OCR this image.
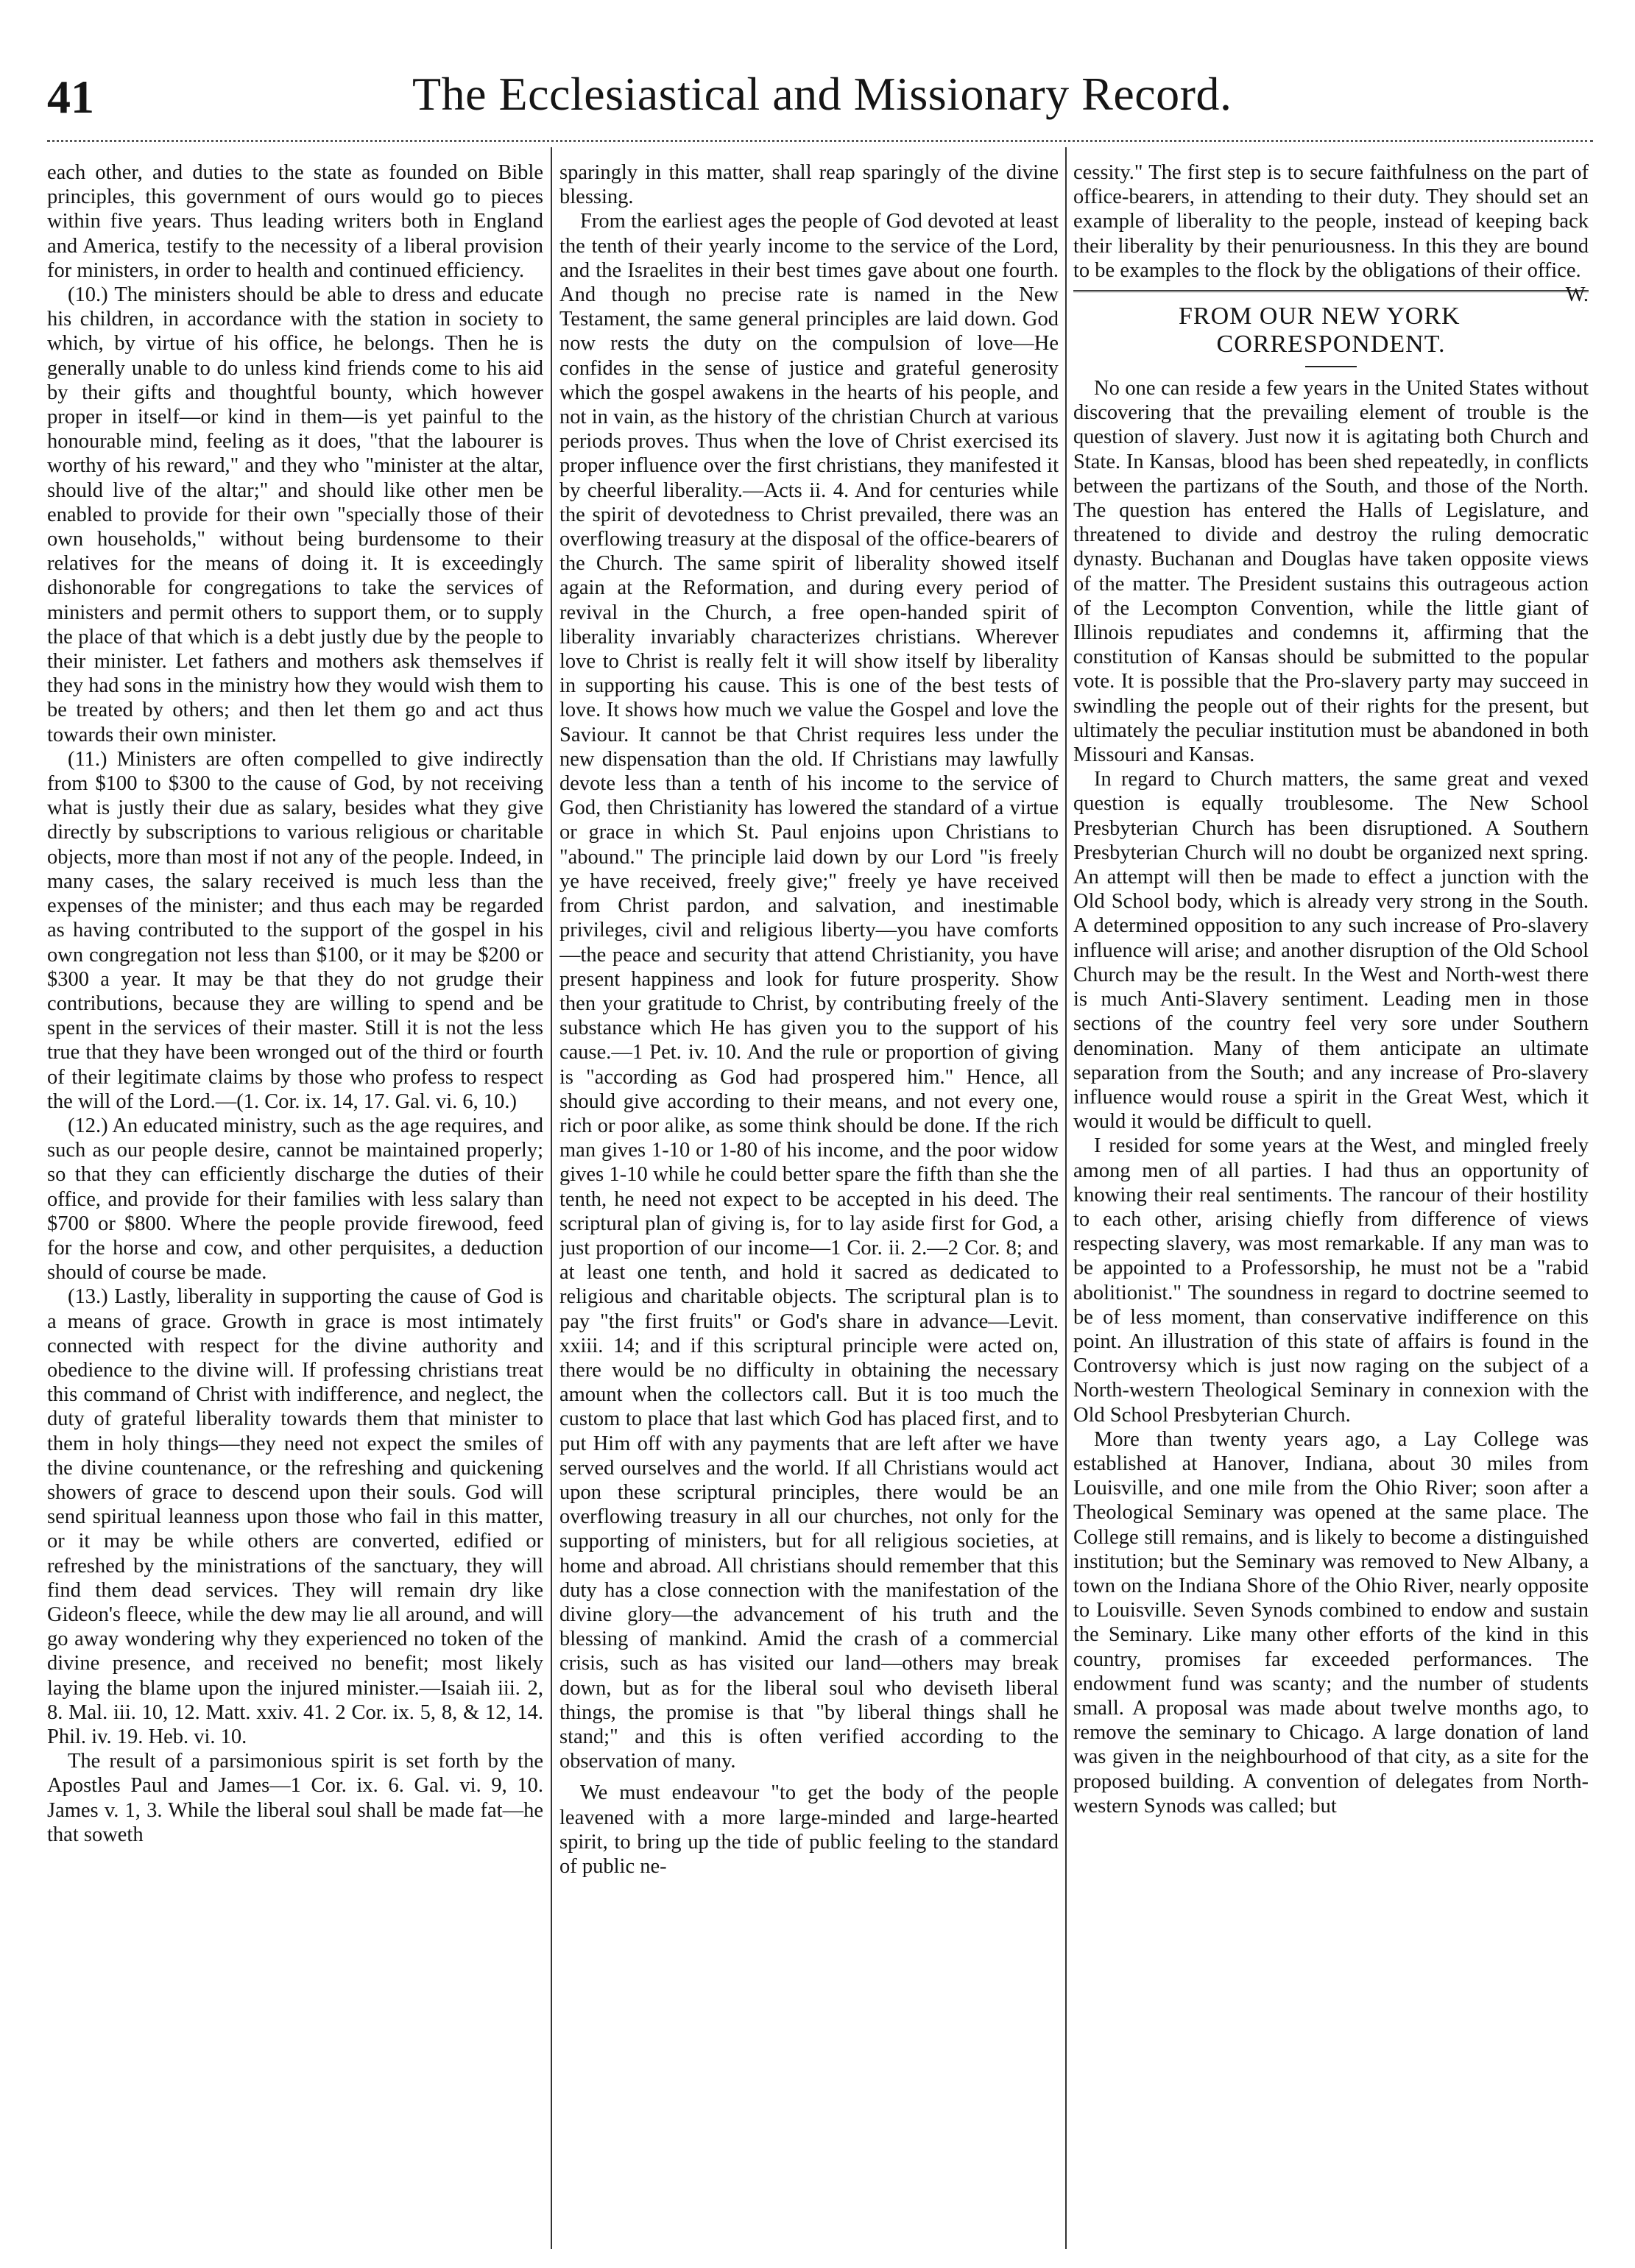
41	The Ecclesiastical and Missionary Record.

each other, and duties to the state as founded on Bible principles, this government of ours would go to pieces within five years. Thus leading writers both in England and America, testify to the necessity of a liberal provision for ministers, in order to health and continued efficiency.

(10.) The ministers should be able to dress and educate his children, in accordance with the station in society to which, by virtue of his office, he belongs. Then he is generally unable to do unless kind friends come to his aid by their gifts and thoughtful bounty, which however proper in itself—or kind in them—is yet painful to the honourable mind, feeling as it does, "that the labourer is worthy of his reward," and they who "minister at the altar, should live of the altar;" and should like other men be enabled to provide for their own "specially those of their own households," without being burdensome to their relatives for the means of doing it. It is exceedingly dishonorable for congregations to take the services of ministers and permit others to support them, or to supply the place of that which is a debt justly due by the people to their minister. Let fathers and mothers ask themselves if they had sons in the ministry how they would wish them to be treated by others; and then let them go and act thus towards their own minister.

(11.) Ministers are often compelled to give indirectly from $100 to $300 to the cause of God, by not receiving what is justly their due as salary, besides what they give directly by subscriptions to various religious or charitable objects, more than most if not any of the people. Indeed, in many cases, the salary received is much less than the expenses of the minister; and thus each may be regarded as having contributed to the support of the gospel in his own congregation not less than $100, or it may be $200 or $300 a year. It may be that they do not grudge their contributions, because they are willing to spend and be spent in the services of their master. Still it is not the less true that they have been wronged out of the third or fourth of their legitimate claims by those who profess to respect the will of the Lord.—(1. Cor. ix. 14, 17. Gal. vi. 6, 10.)

(12.) An educated ministry, such as the age requires, and such as our people desire, cannot be maintained properly; so that they can efficiently discharge the duties of their office, and provide for their families with less salary than $700 or $800. Where the people provide firewood, feed for the horse and cow, and other perquisites, a deduction should of course be made.

(13.) Lastly, liberality in supporting the cause of God is a means of grace. Growth in grace is most intimately connected with respect for the divine authority and obedience to the divine will. If professing christians treat this command of Christ with indifference, and neglect, the duty of grateful liberality towards them that minister to them in holy things—they need not expect the smiles of the divine countenance, or the refreshing and quickening showers of grace to descend upon their souls. God will send spiritual leanness upon those who fail in this matter, or it may be while others are converted, edified or refreshed by the ministrations of the sanctuary, they will find them dead services. They will remain dry like Gideon's fleece, while the dew may lie all around, and will go away wondering why they experienced no token of the divine presence, and received no benefit; most likely laying the blame upon the injured minister.—Isaiah iii. 2, 8. Mal. iii. 10, 12. Matt. xxiv. 41. 2 Cor. ix. 5, 8, & 12, 14. Phil. iv. 19. Heb. vi. 10.

The result of a parsimonious spirit is set forth by the Apostles Paul and James—1 Cor. ix. 6. Gal. vi. 9, 10. James v. 1, 3. While the liberal soul shall be made fat—he that soweth

sparingly in this matter, shall reap sparingly of the divine blessing.

From the earliest ages the people of God devoted at least the tenth of their yearly income to the service of the Lord, and the Israelites in their best times gave about one fourth. And though no precise rate is named in the New Testament, the same general principles are laid down. God now rests the duty on the compulsion of love—He confides in the sense of justice and grateful generosity which the gospel awakens in the hearts of his people, and not in vain, as the history of the christian Church at various periods proves. Thus when the love of Christ exercised its proper influence over the first christians, they manifested it by cheerful liberality.—Acts ii. 4. And for centuries while the spirit of devotedness to Christ prevailed, there was an overflowing treasury at the disposal of the office-bearers of the Church. The same spirit of liberality showed itself again at the Reformation, and during every period of revival in the Church, a free open-handed spirit of liberality invariably characterizes christians. Wherever love to Christ is really felt it will show itself by liberality in supporting his cause. This is one of the best tests of love. It shows how much we value the Gospel and love the Saviour. It cannot be that Christ requires less under the new dispensation than the old. If Christians may lawfully devote less than a tenth of his income to the service of God, then Christianity has lowered the standard of a virtue or grace in which St. Paul enjoins upon Christians to "abound." The principle laid down by our Lord "is freely ye have received, freely give;" freely ye have received from Christ pardon, and salvation, and inestimable privileges, civil and religious liberty—you have comforts—the peace and security that attend Christianity, you have present happiness and look for future prosperity. Show then your gratitude to Christ, by contributing freely of the substance which He has given you to the support of his cause.—1 Pet. iv. 10. And the rule or proportion of giving is "according as God had prospered him." Hence, all should give according to their means, and not every one, rich or poor alike, as some think should be done. If the rich man gives 1-10 or 1-80 of his income, and the poor widow gives 1-10 while he could better spare the fifth than she the tenth, he need not expect to be accepted in his deed. The scriptural plan of giving is, for to lay aside first for God, a just proportion of our income—1 Cor. ii. 2.—2 Cor. 8; and at least one tenth, and hold it sacred as dedicated to religious and charitable objects. The scriptural plan is to pay "the first fruits" or God's share in advance—Levit. xxiii. 14; and if this scriptural principle were acted on, there would be no difficulty in obtaining the necessary amount when the collectors call. But it is too much the custom to place that last which God has placed first, and to put Him off with any payments that are left after we have served ourselves and the world. If all Christians would act upon these scriptural principles, there would be an overflowing treasury in all our churches, not only for the supporting of ministers, but for all religious societies, at home and abroad. All christians should remember that this duty has a close connection with the manifestation of the divine glory—the advancement of his truth and the blessing of mankind. Amid the crash of a commercial crisis, such as has visited our land—others may break down, but as for the liberal soul who deviseth liberal things, the promise is that "by liberal things shall he stand;" and this is often verified according to the observation of many.

We must endeavour "to get the body of the people leavened with a more large-minded and large-hearted spirit, to bring up the tide of public feeling to the standard of public ne-

cessity." The first step is to secure faithfulness on the part of office-bearers, in attending to their duty. They should set an example of liberality to the people, instead of keeping back their liberality by their penuriousness. In this they are bound to be examples to the flock by the obligations of their office.
W.

FROM OUR NEW YORK CORRESPONDENT.

No one can reside a few years in the United States without discovering that the prevailing element of trouble is the question of slavery. Just now it is agitating both Church and State. In Kansas, blood has been shed repeatedly, in conflicts between the partizans of the South, and those of the North. The question has entered the Halls of Legislature, and threatened to divide and destroy the ruling democratic dynasty. Buchanan and Douglas have taken opposite views of the matter. The President sustains this outrageous action of the Lecompton Convention, while the little giant of Illinois repudiates and condemns it, affirming that the constitution of Kansas should be submitted to the popular vote. It is possible that the Pro-slavery party may succeed in swindling the people out of their rights for the present, but ultimately the peculiar institution must be abandoned in both Missouri and Kansas.

In regard to Church matters, the same great and vexed question is equally troublesome. The New School Presbyterian Church has been disruptioned. A Southern Presbyterian Church will no doubt be organized next spring. An attempt will then be made to effect a junction with the Old School body, which is already very strong in the South. A determined opposition to any such increase of Pro-slavery influence will arise; and another disruption of the Old School Church may be the result. In the West and North-west there is much Anti-Slavery sentiment. Leading men in those sections of the country feel very sore under Southern denomination. Many of them anticipate an ultimate separation from the South; and any increase of Pro-slavery influence would rouse a spirit in the Great West, which it would it would be difficult to quell.

I resided for some years at the West, and mingled freely among men of all parties. I had thus an opportunity of knowing their real sentiments. The rancour of their hostility to each other, arising chiefly from difference of views respecting slavery, was most remarkable. If any man was to be appointed to a Professorship, he must not be a "rabid abolitionist." The soundness in regard to doctrine seemed to be of less moment, than conservative indifference on this point. An illustration of this state of affairs is found in the Controversy which is just now raging on the subject of a North-western Theological Seminary in connexion with the Old School Presbyterian Church.

More than twenty years ago, a Lay College was established at Hanover, Indiana, about 30 miles from Louisville, and one mile from the Ohio River; soon after a Theological Seminary was opened at the same place. The College still remains, and is likely to become a distinguished institution; but the Seminary was removed to New Albany, a town on the Indiana Shore of the Ohio River, nearly opposite to Louisville. Seven Synods combined to endow and sustain the Seminary. Like many other efforts of the kind in this country, promises far exceeded performances. The endowment fund was scanty; and the number of students small. A proposal was made about twelve months ago, to remove the seminary to Chicago. A large donation of land was given in the neighbourhood of that city, as a site for the proposed building. A convention of delegates from North-western Synods was called; but
